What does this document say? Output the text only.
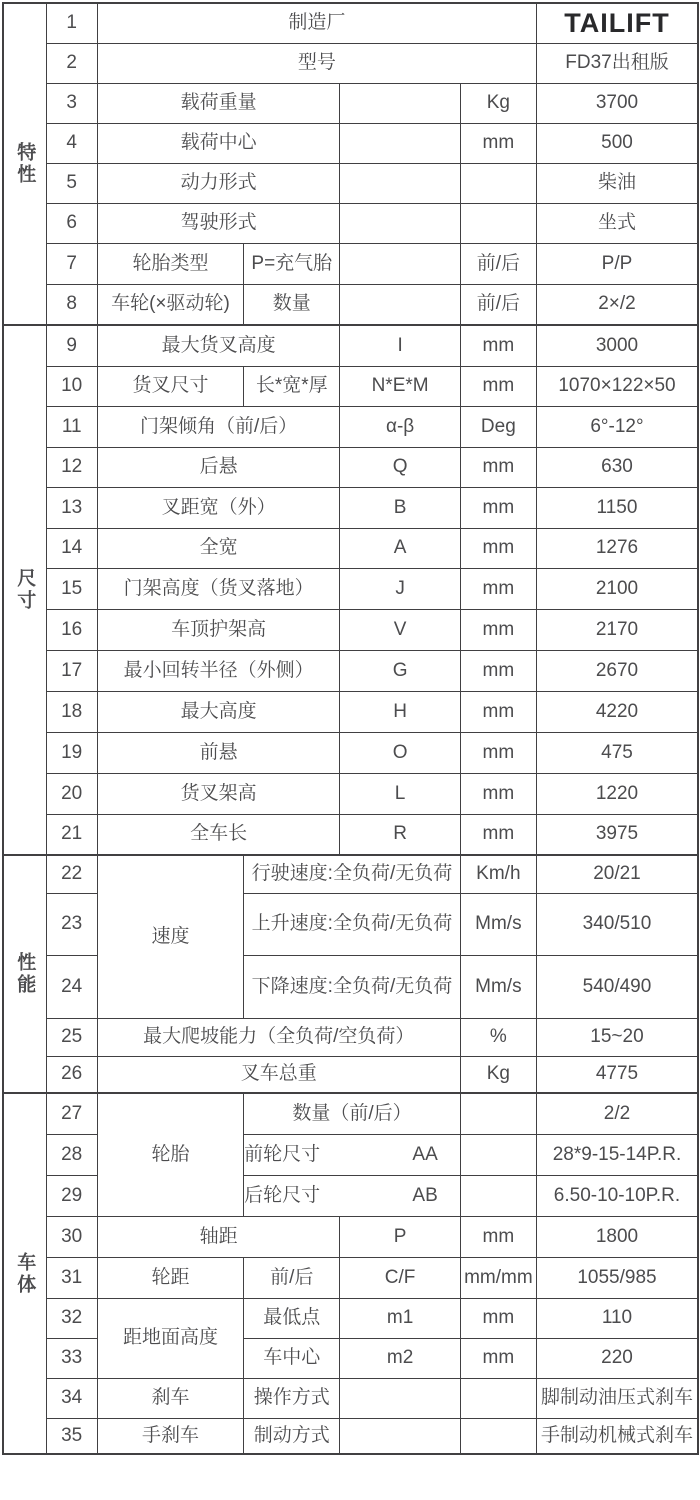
特性	1	制造厂				TAILIFT
	2	型号				FD37出租版
	3	载荷重量			Kg	3700
	4	载荷中心			mm	500
	5	动力形式				柴油
	6	驾驶形式				坐式
	7	轮胎类型	P=充气胎		前/后	P/P
	8	车轮(×驱动轮)	数量		前/后	2×/2

尺寸	9	最大货叉高度		I	mm	3000
	10	货叉尺寸	长*宽*厚	N*E*M	mm	1070×122×50
	11	门架倾角（前/后）		α-β	Deg	6°-12°
	12	后悬		Q	mm	630
	13	叉距宽（外）		B	mm	1150
	14	全宽		A	mm	1276
	15	门架高度（货叉落地）		J	mm	2100
	16	车顶护架高		V	mm	2170
	17	最小回转半径（外侧）		G	mm	2670
	18	最大高度		H	mm	4220
	19	前悬		O	mm	475
	20	货叉架高		L	mm	1220
	21	全车长		R	mm	3975

性能	22	速度	行驶速度:全负荷/无负荷		Km/h	20/21
	23		上升速度:全负荷/无负荷		Mm/s	340/510
	24		下降速度:全负荷/无负荷		Mm/s	540/490
	25	最大爬坡能力（全负荷/空负荷）			%	15~20
	26	叉车总重			Kg	4775

车体	27	轮胎	数量（前/后）			2/2
	28		前轮尺寸 AA			28*9-15-14P.R.
	29		后轮尺寸 AB			6.50-10-10P.R.
	30	轴距		P	mm	1800
	31	轮距	前/后	C/F	mm/mm	1055/985
	32	距地面高度	最低点	m1	mm	110
	33		车中心	m2	mm	220
	34	刹车	操作方式			脚制动油压式刹车
	35	手刹车	制动方式			手制动机械式刹车
